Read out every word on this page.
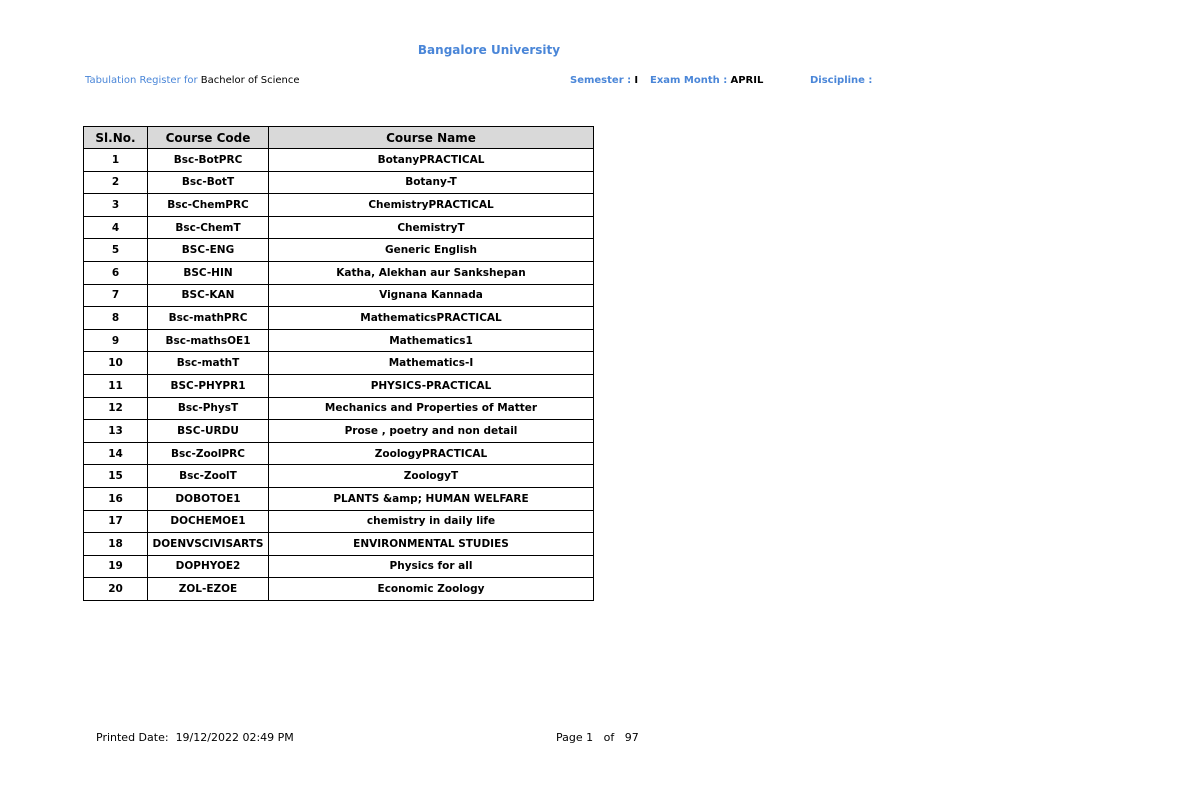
Bangalore University
Tabulation Register for Bachelor of Science	Semester : I Exam Month : APRIL	Discipline :
Sl.No.	Course Code	Course Name
1	Bsc-BotPRC	BotanyPRACTICAL
2	Bsc-BotT	Botany-T
3	Bsc-ChemPRC	ChemistryPRACTICAL
4	Bsc-ChemT	ChemistryT
5	BSC-ENG	Generic English
6	BSC-HIN	Katha, Alekhan aur Sankshepan
7	BSC-KAN	Vignana Kannada
8	Bsc-mathPRC	MathematicsPRACTICAL
9	Bsc-mathsOE1	Mathematics1
10	Bsc-mathT	Mathematics-I
11	BSC-PHYPR1	PHYSICS-PRACTICAL
12	Bsc-PhysT	Mechanics and Properties of Matter
13	BSC-URDU	Prose , poetry and non detail
14	Bsc-ZoolPRC	ZoologyPRACTICAL
15	Bsc-ZoolT	ZoologyT
16	DOBOTOE1	PLANTS &amp; HUMAN WELFARE
17	DOCHEMOE1	chemistry in daily life
18	DOENVSCIVISARTS	ENVIRONMENTAL STUDIES
19	DOPHYOE2	Physics for all
20	ZOL-EZOE	Economic Zoology
Printed Date: 19/12/2022 02:49 PM	Page 1 of 97
